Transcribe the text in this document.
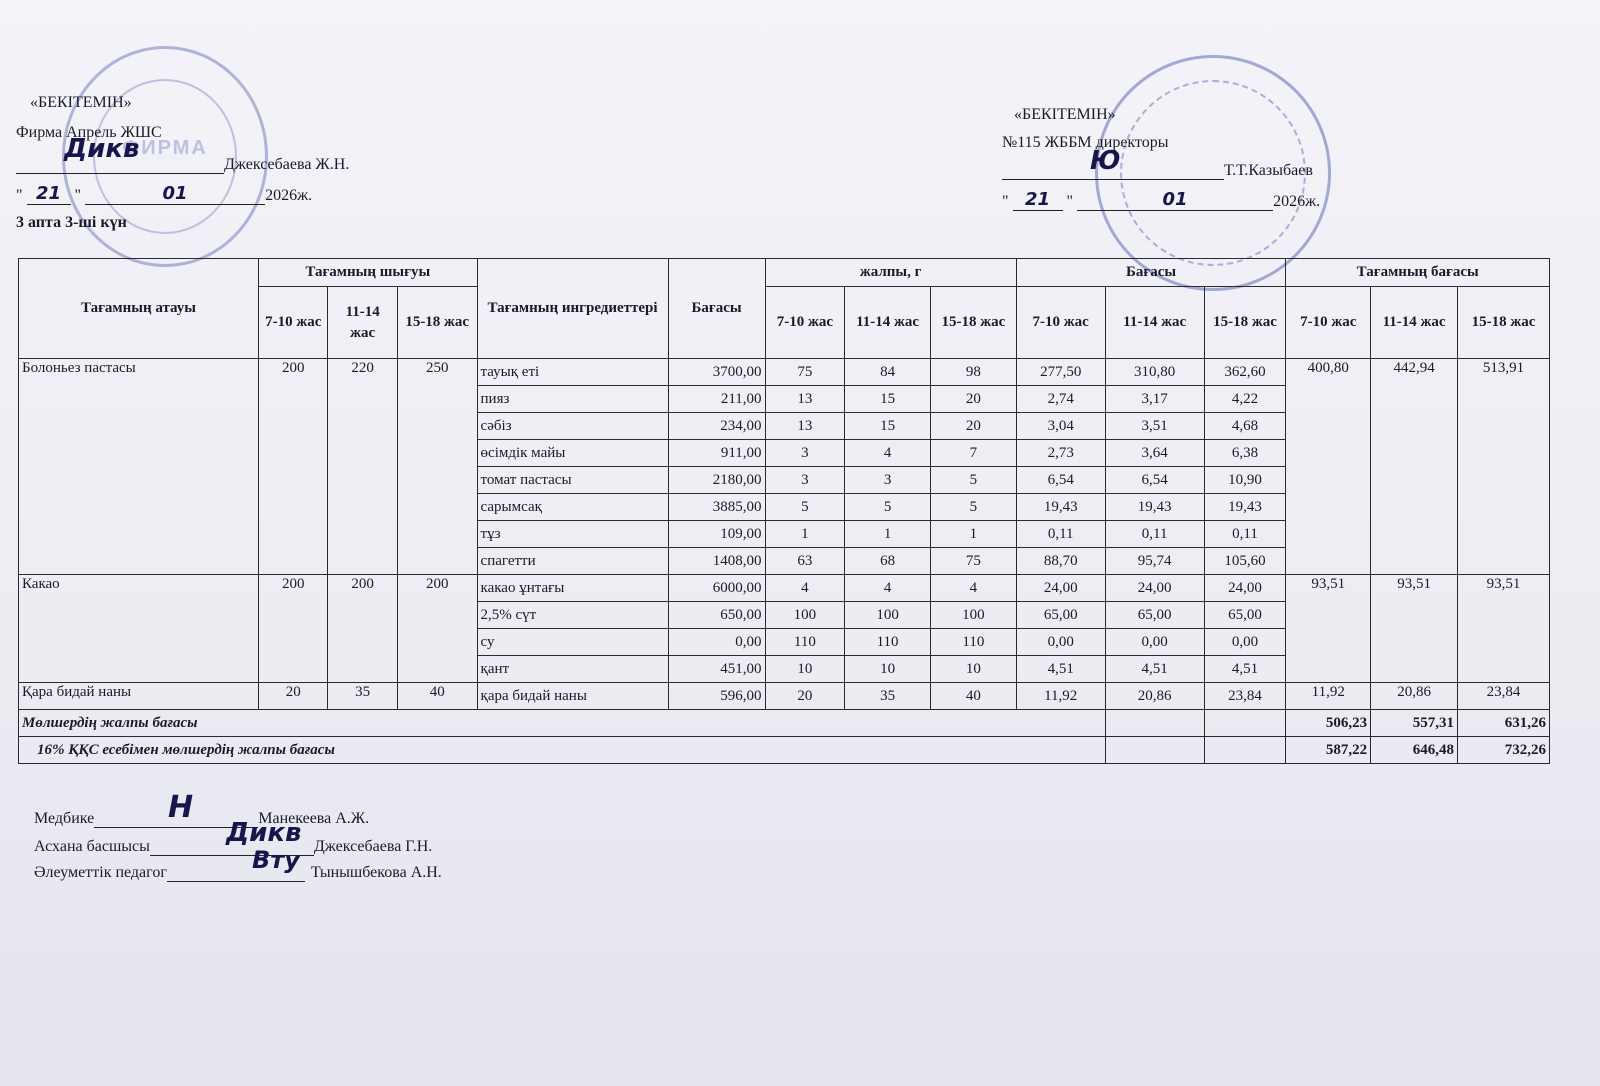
ФИРМА
«БЕКІТЕМІН»
Фирма Апрель ЖШС
Джексебаева Ж.Н.
Дикв
" 21 "	01	2026ж.
3 апта 3-ші күн
«БЕКІТЕМІН»
№115 ЖББМ директоры
Т.Т.Казыбаев
Ю
" 21 "	01	2026ж.
Тағамның атауы	Тағамның шығуы			Тағамның ингредиеттері	Бағасы	жалпы, г			Бағасы			Тағамның бағасы		
	7-10 жас	11-14 жас	15-18 жас			7-10 жас	11-14 жас	15-18 жас	7-10 жас	11-14 жас	15-18 жас	7-10 жас	11-14 жас	15-18 жас
Болоньез пастасы	200	220	250	тауық еті	3700,00	75	84	98	277,50	310,80	362,60	400,80	442,94	513,91
				пияз	211,00	13	15	20	2,74	3,17	4,22			
				сәбіз	234,00	13	15	20	3,04	3,51	4,68			
				өсімдік майы	911,00	3	4	7	2,73	3,64	6,38			
				томат пастасы	2180,00	3	3	5	6,54	6,54	10,90			
				сарымсақ	3885,00	5	5	5	19,43	19,43	19,43			
				тұз	109,00	1	1	1	0,11	0,11	0,11			
				спагетти	1408,00	63	68	75	88,70	95,74	105,60			
Какао	200	200	200	какао ұнтағы	6000,00	4	4	4	24,00	24,00	24,00	93,51	93,51	93,51
				2,5% сүт	650,00	100	100	100	65,00	65,00	65,00			
				су	0,00	110	110	110	0,00	0,00	0,00			
				қант	451,00	10	10	10	4,51	4,51	4,51			
Қара бидай наны	20	35	40	қара бидай наны	596,00	20	35	40	11,92	20,86	23,84	11,92	20,86	23,84
Мөлшердің жалпы бағасы												506,23	557,31	631,26
16% ҚҚС есебімен мөлшердің жалпы бағасы												587,22	646,48	732,26
Медбике	Манекеева А.Ж.
Н
Асхана басшысы	Джексебаева Г.Н.
Дикв
Әлеуметтік педагог	Тынышбекова А.Н.
Вту
